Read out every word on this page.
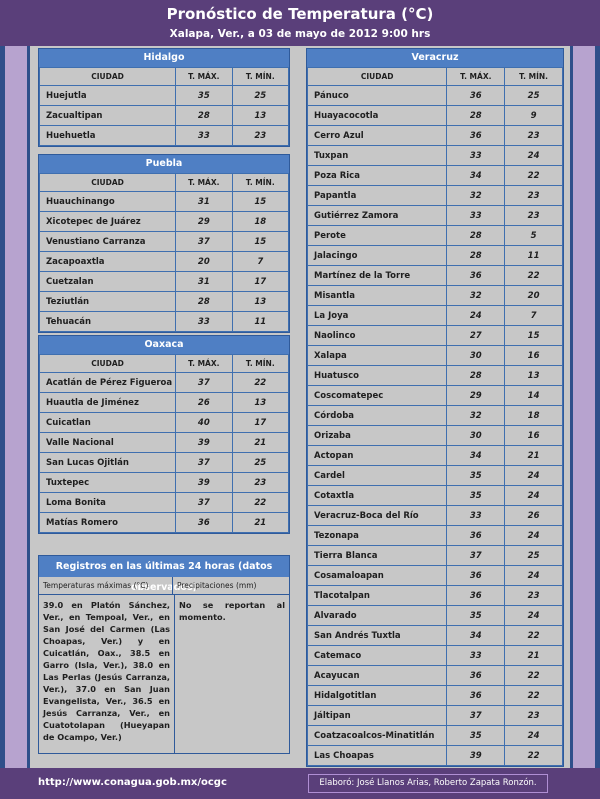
Pronóstico de Temperatura (°C)
Xalapa, Ver., a 03 de mayo de 2012 9:00 hrs
Hidalgo
CIUDAD	T. MÁX.	T. MÍN.
Huejutla	35	25
Zacualtipan	28	13
Huehuetla	33	23
Puebla
CIUDAD	T. MÁX.	T. MÍN.
Huauchinango	31	15
Xicotepec de Juárez	29	18
Venustiano Carranza	37	15
Zacapoaxtla	20	7
Cuetzalan	31	17
Teziutlán	28	13
Tehuacán	33	11
Oaxaca
CIUDAD	T. MÁX.	T. MÍN.
Acatlán de Pérez Figueroa	37	22
Huautla de Jiménez	26	13
Cuicatlan	40	17
Valle Nacional	39	21
San Lucas Ojitlán	37	25
Tuxtepec	39	23
Loma Bonita	37	22
Matías Romero	36	21
Veracruz
CIUDAD	T. MÁX.	T. MÍN.
Pánuco	36	25
Huayacocotla	28	9
Cerro Azul	36	23
Tuxpan	33	24
Poza Rica	34	22
Papantla	32	23
Gutiérrez Zamora	33	23
Perote	28	5
Jalacingo	28	11
Martínez de la Torre	36	22
Misantla	32	20
La Joya	24	7
Naolinco	27	15
Xalapa	30	16
Huatusco	28	13
Coscomatepec	29	14
Córdoba	32	18
Orizaba	30	16
Actopan	34	21
Cardel	35	24
Cotaxtla	35	24
Veracruz-Boca del Río	33	26
Tezonapa	36	24
Tierra Blanca	37	25
Cosamaloapan	36	24
Tlacotalpan	36	23
Alvarado	35	24
San Andrés Tuxtla	34	22
Catemaco	33	21
Acayucan	36	22
Hidalgotitlan	36	22
Jáltipan	37	23
Coatzacoalcos-Minatitlán	35	24
Las Choapas	39	22
Registros en las últimas 24 horas (datos observados)
Temperaturas máximas (°C)	Precipitaciones (mm)
39.0 en Platón Sánchez, Ver., en Tempoal, Ver., en San José del Carmen (Las Choapas, Ver.) y en Cuicatlán, Oax., 38.5 en Garro (Isla, Ver.), 38.0 en Las Perlas (Jesús Carranza, Ver.), 37.0 en San Juan Evangelista, Ver., 36.5 en Jesús Carranza, Ver., en Cuatotolapan (Hueyapan de Ocampo, Ver.)
No se reportan al momento.
http://www.conagua.gob.mx/ocgc	Elaboró: José Llanos Arias, Roberto Zapata Ronzón.
